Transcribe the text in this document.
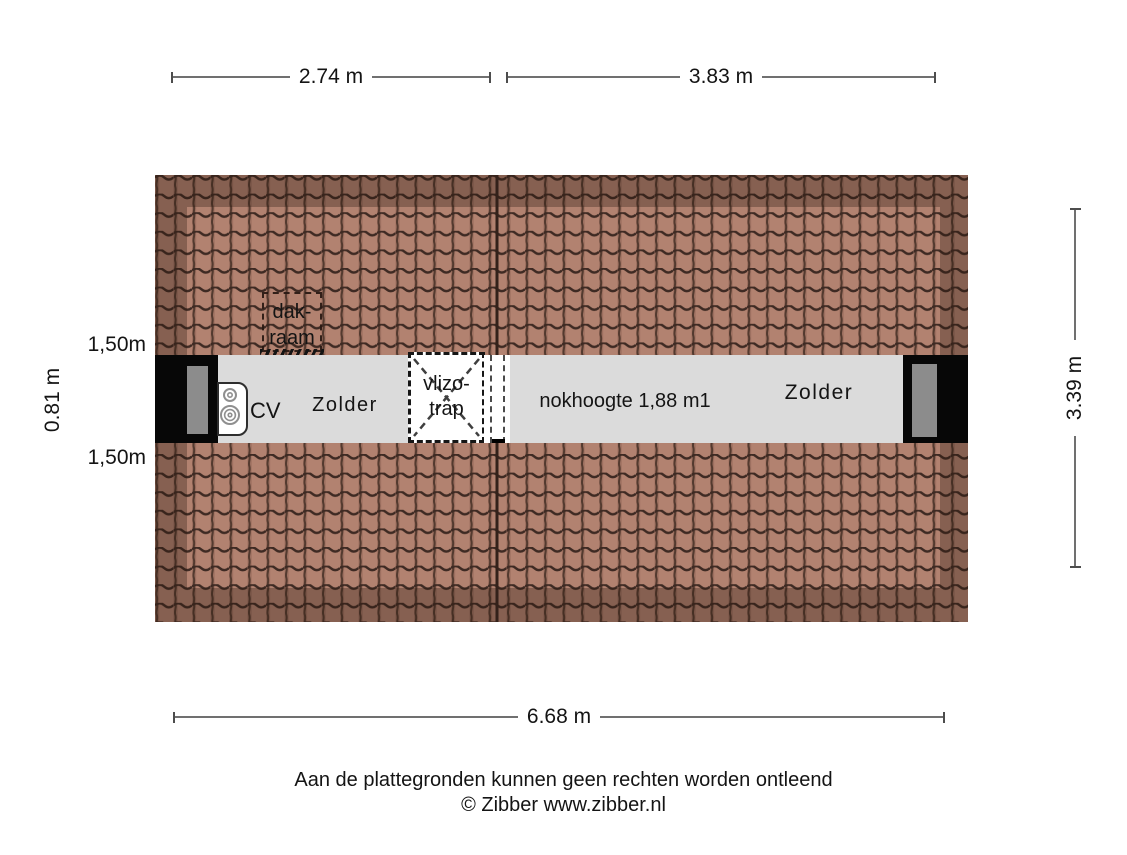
2.74 m	3.83 m
CV	Zolder
Zolder
nokhoogte 1,88 m1
dak-
raam
vlizo-
trap
1,50m
1,50m
0.81 m	3.39 m
6.68 m
Aan de plattegronden kunnen geen rechten worden ontleend
© Zibber www.zibber.nl
